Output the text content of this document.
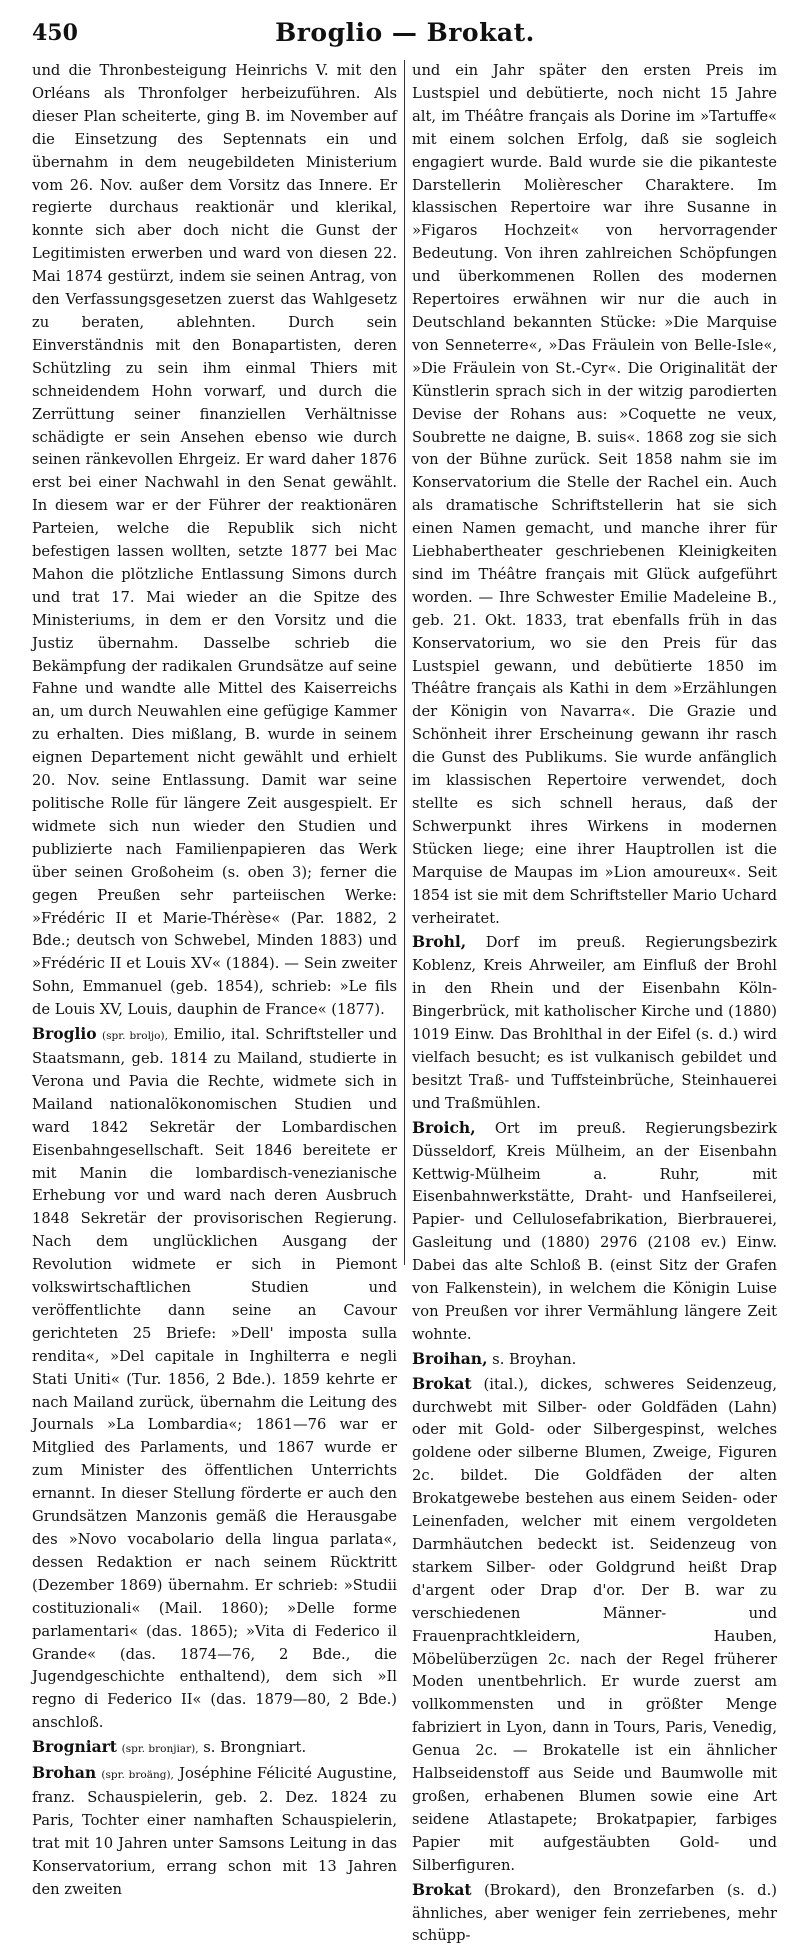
450	Broglio — Brokat.

und die Thronbesteigung Heinrichs V. mit den Orléans als Thronfolger herbeizuführen. Als dieser Plan scheiterte, ging B. im November auf die Einsetzung des Septennats ein und übernahm in dem neugebildeten Ministerium vom 26. Nov. außer dem Vorsitz das Innere. Er regierte durchaus reaktionär und klerikal, konnte sich aber doch nicht die Gunst der Legitimisten erwerben und ward von diesen 22. Mai 1874 gestürzt, indem sie seinen Antrag, von den Verfassungsgesetzen zuerst das Wahlgesetz zu beraten, ablehnten. Durch sein Einverständnis mit den Bonapartisten, deren Schützling zu sein ihm einmal Thiers mit schneidendem Hohn vorwarf, und durch die Zerrüttung seiner finanziellen Verhältnisse schädigte er sein Ansehen ebenso wie durch seinen ränkevollen Ehrgeiz. Er ward daher 1876 erst bei einer Nachwahl in den Senat gewählt. In diesem war er der Führer der reaktionären Parteien, welche die Republik sich nicht befestigen lassen wollten, setzte 1877 bei Mac Mahon die plötzliche Entlassung Simons durch und trat 17. Mai wieder an die Spitze des Ministeriums, in dem er den Vorsitz und die Justiz übernahm. Dasselbe schrieb die Bekämpfung der radikalen Grundsätze auf seine Fahne und wandte alle Mittel des Kaiserreichs an, um durch Neuwahlen eine gefügige Kammer zu erhalten. Dies mißlang, B. wurde in seinem eignen Departement nicht gewählt und erhielt 20. Nov. seine Entlassung. Damit war seine politische Rolle für längere Zeit ausgespielt. Er widmete sich nun wieder den Studien und publizierte nach Familienpapieren das Werk über seinen Großoheim (s. oben 3); ferner die gegen Preußen sehr parteiischen Werke: »Frédéric II et Marie-Thérèse« (Par. 1882, 2 Bde.; deutsch von Schwebel, Minden 1883) und »Frédéric II et Louis XV« (1884). — Sein zweiter Sohn, Emmanuel (geb. 1854), schrieb: »Le fils de Louis XV, Louis, dauphin de France« (1877).

Broglio (spr. broljo), Emilio, ital. Schriftsteller und Staatsmann, geb. 1814 zu Mailand, studierte in Verona und Pavia die Rechte, widmete sich in Mailand nationalökonomischen Studien und ward 1842 Sekretär der Lombardischen Eisenbahngesellschaft. Seit 1846 bereitete er mit Manin die lombardisch-venezianische Erhebung vor und ward nach deren Ausbruch 1848 Sekretär der provisorischen Regierung. Nach dem unglücklichen Ausgang der Revolution widmete er sich in Piemont volkswirtschaftlichen Studien und veröffentlichte dann seine an Cavour gerichteten 25 Briefe: »Dell' imposta sulla rendita«, »Del capitale in Inghilterra e negli Stati Uniti« (Tur. 1856, 2 Bde.). 1859 kehrte er nach Mailand zurück, übernahm die Leitung des Journals »La Lombardia«; 1861—76 war er Mitglied des Parlaments, und 1867 wurde er zum Minister des öffentlichen Unterrichts ernannt. In dieser Stellung förderte er auch den Grundsätzen Manzonis gemäß die Herausgabe des »Novo vocabolario della lingua parlata«, dessen Redaktion er nach seinem Rücktritt (Dezember 1869) übernahm. Er schrieb: »Studii costituzionali« (Mail. 1860); »Delle forme parlamentari« (das. 1865); »Vita di Federico il Grande« (das. 1874—76, 2 Bde., die Jugendgeschichte enthaltend), dem sich »Il regno di Federico II« (das. 1879—80, 2 Bde.) anschloß.

Brogniart (spr. bronjiar), s. Brongniart.

Brohan (spr. broäng), Joséphine Félicité Augustine, franz. Schauspielerin, geb. 2. Dez. 1824 zu Paris, Tochter einer namhaften Schauspielerin, trat mit 10 Jahren unter Samsons Leitung in das Konservatorium, errang schon mit 13 Jahren den zweiten

und ein Jahr später den ersten Preis im Lustspiel und debütierte, noch nicht 15 Jahre alt, im Théâtre français als Dorine im »Tartuffe« mit einem solchen Erfolg, daß sie sogleich engagiert wurde. Bald wurde sie die pikanteste Darstellerin Molièrescher Charaktere. Im klassischen Repertoire war ihre Susanne in »Figaros Hochzeit« von hervorragender Bedeutung. Von ihren zahlreichen Schöpfungen und überkommenen Rollen des modernen Repertoires erwähnen wir nur die auch in Deutschland bekannten Stücke: »Die Marquise von Senneterre«, »Das Fräulein von Belle-Isle«, »Die Fräulein von St.-Cyr«. Die Originalität der Künstlerin sprach sich in der witzig parodierten Devise der Rohans aus: »Coquette ne veux, Soubrette ne daigne, B. suis«. 1868 zog sie sich von der Bühne zurück. Seit 1858 nahm sie im Konservatorium die Stelle der Rachel ein. Auch als dramatische Schriftstellerin hat sie sich einen Namen gemacht, und manche ihrer für Liebhabertheater geschriebenen Kleinigkeiten sind im Théâtre français mit Glück aufgeführt worden. — Ihre Schwester Emilie Madeleine B., geb. 21. Okt. 1833, trat ebenfalls früh in das Konservatorium, wo sie den Preis für das Lustspiel gewann, und debütierte 1850 im Théâtre français als Kathi in dem »Erzählungen der Königin von Navarra«. Die Grazie und Schönheit ihrer Erscheinung gewann ihr rasch die Gunst des Publikums. Sie wurde anfänglich im klassischen Repertoire verwendet, doch stellte es sich schnell heraus, daß der Schwerpunkt ihres Wirkens in modernen Stücken liege; eine ihrer Hauptrollen ist die Marquise de Maupas im »Lion amoureux«. Seit 1854 ist sie mit dem Schriftsteller Mario Uchard verheiratet.

Brohl, Dorf im preuß. Regierungsbezirk Koblenz, Kreis Ahrweiler, am Einfluß der Brohl in den Rhein und der Eisenbahn Köln-Bingerbrück, mit katholischer Kirche und (1880) 1019 Einw. Das Brohlthal in der Eifel (s. d.) wird vielfach besucht; es ist vulkanisch gebildet und besitzt Traß- und Tuffsteinbrüche, Steinhauerei und Traßmühlen.

Broich, Ort im preuß. Regierungsbezirk Düsseldorf, Kreis Mülheim, an der Eisenbahn Kettwig-Mülheim a. Ruhr, mit Eisenbahnwerkstätte, Draht- und Hanfseilerei, Papier- und Cellulosefabrikation, Bierbrauerei, Gasleitung und (1880) 2976 (2108 ev.) Einw. Dabei das alte Schloß B. (einst Sitz der Grafen von Falkenstein), in welchem die Königin Luise von Preußen vor ihrer Vermählung längere Zeit wohnte.

Broihan, s. Broyhan.

Brokat (ital.), dickes, schweres Seidenzeug, durchwebt mit Silber- oder Goldfäden (Lahn) oder mit Gold- oder Silbergespinst, welches goldene oder silberne Blumen, Zweige, Figuren 2c. bildet. Die Goldfäden der alten Brokatgewebe bestehen aus einem Seiden- oder Leinenfaden, welcher mit einem vergoldeten Darmhäutchen bedeckt ist. Seidenzeug von starkem Silber- oder Goldgrund heißt Drap d'argent oder Drap d'or. Der B. war zu verschiedenen Männer- und Frauenprachtkleidern, Hauben, Möbelüberzügen 2c. nach der Regel früherer Moden unentbehrlich. Er wurde zuerst am vollkommensten und in größter Menge fabriziert in Lyon, dann in Tours, Paris, Venedig, Genua 2c. — Brokatelle ist ein ähnlicher Halbseidenstoff aus Seide und Baumwolle mit großen, erhabenen Blumen sowie eine Art seidene Atlastapete; Brokatpapier, farbiges Papier mit aufgestäubten Gold- und Silberfiguren.

Brokat (Brokard), den Bronzefarben (s. d.) ähnliches, aber weniger fein zerriebenes, mehr schüpp-
